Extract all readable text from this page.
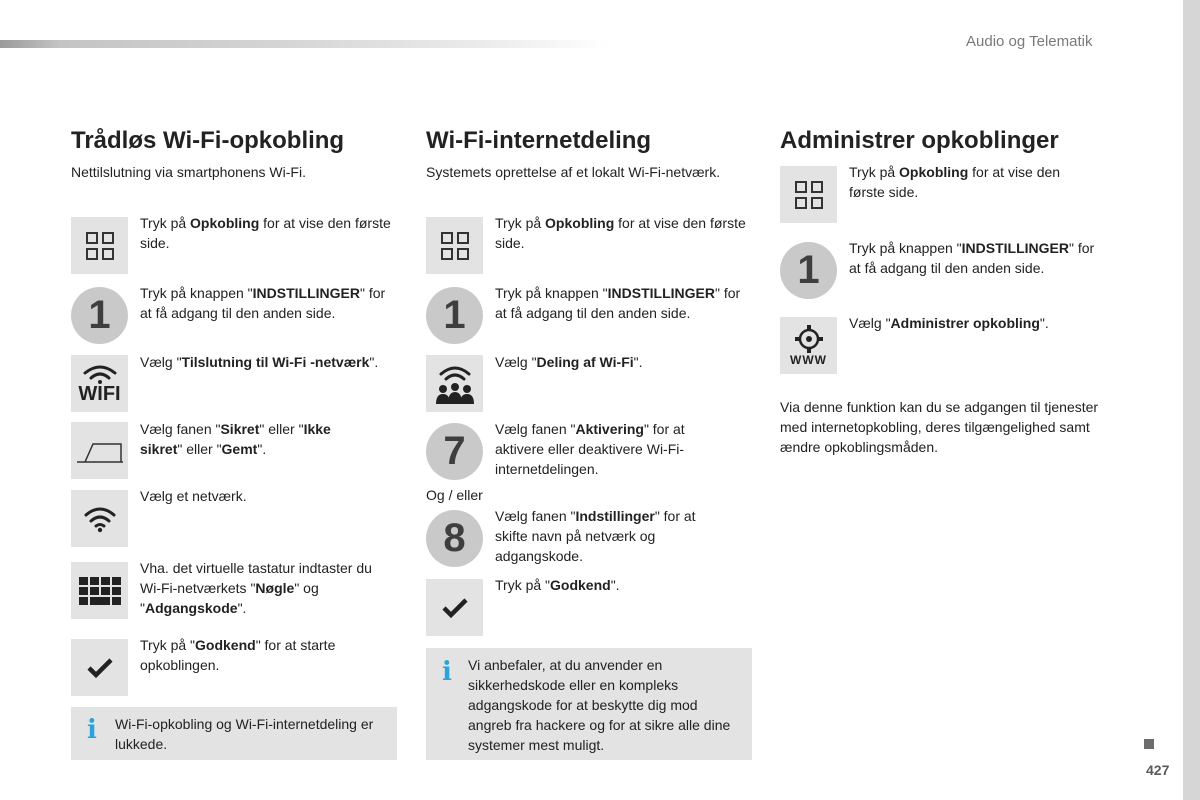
Audio og Telematik
Trådløs Wi-Fi-opkobling
Nettilslutning via smartphonens Wi-Fi.
Tryk på Opkobling for at vise den første side.
1	Tryk på knappen "INDSTILLINGER" for at få adgang til den anden side.
WIFI
Vælg "Tilslutning til Wi-Fi -netværk".
Vælg fanen "Sikret" eller "Ikke sikret" eller "Gemt".
Vælg et netværk.
Vha. det virtuelle tastatur indtaster du Wi-Fi-netværkets "Nøgle" og "Adgangskode".
Tryk på "Godkend" for at starte opkoblingen.
i Wi-Fi-opkobling og Wi-Fi-internetdeling er lukkede.
Wi-Fi-internetdeling
Systemets oprettelse af et lokalt Wi-Fi-netværk.
Tryk på Opkobling for at vise den første side.
1	Tryk på knappen "INDSTILLINGER" for at få adgang til den anden side.
Vælg "Deling af Wi-Fi".
7	Vælg fanen "Aktivering" for at aktivere eller deaktivere Wi-Fi-internetdelingen.
Og / eller
8	Vælg fanen "Indstillinger" for at skifte navn på netværk og adgangskode.
Tryk på "Godkend".
i Vi anbefaler, at du anvender en sikkerhedskode eller en kompleks adgangskode for at beskytte dig mod angreb fra hackere og for at sikre alle dine systemer mest muligt.
Administrer opkoblinger
Tryk på Opkobling for at vise den første side.
1	Tryk på knappen "INDSTILLINGER" for at få adgang til den anden side.
WWW
Vælg "Administrer opkobling".
Via denne funktion kan du se adgangen til tjenester med internetopkobling, deres tilgængelighed samt ændre opkoblingsmåden.
427
